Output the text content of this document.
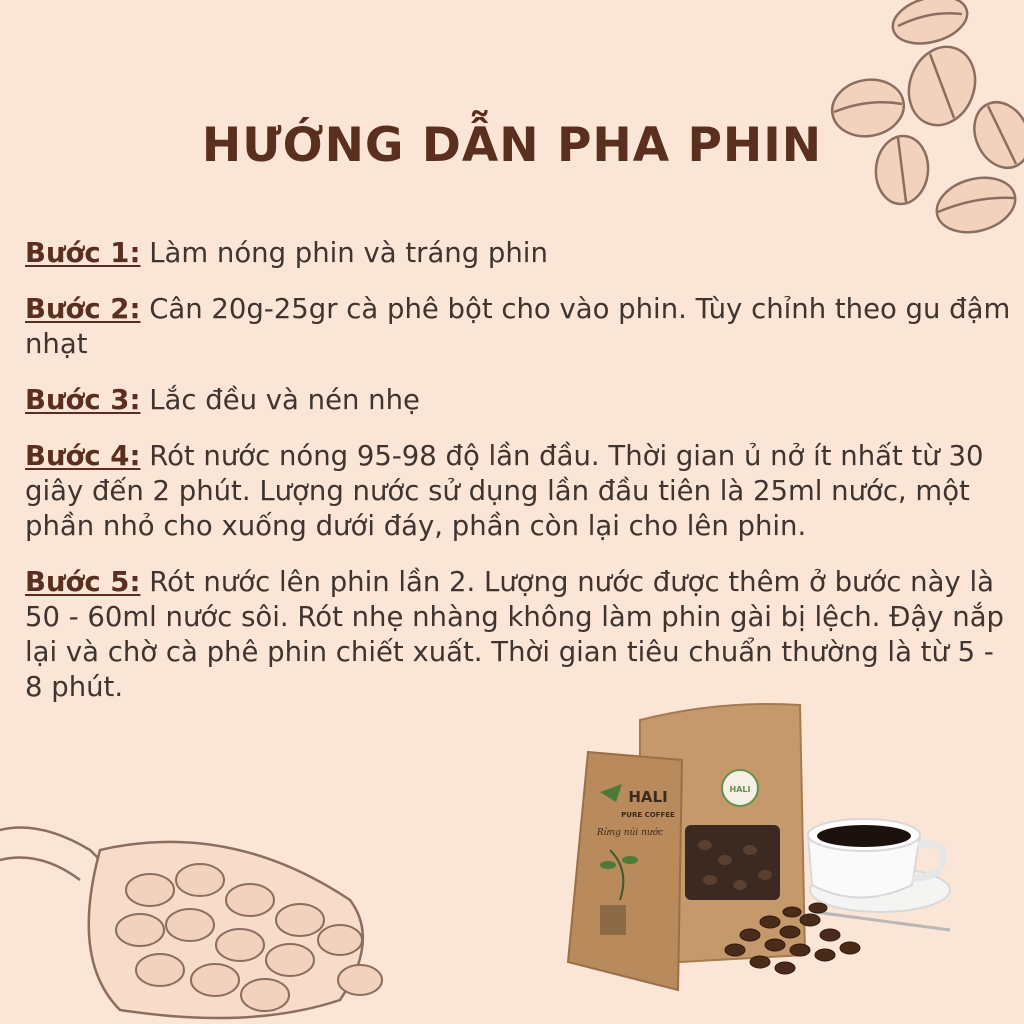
HƯỚNG DẪN PHA PHIN

Bước 1: Làm nóng phin và tráng phin

Bước 2: Cân 20g-25gr cà phê bột cho vào phin. Tùy chỉnh theo gu đậm nhạt

Bước 3: Lắc đều và nén nhẹ

Bước 4: Rót nước nóng 95-98 độ lần đầu. Thời gian ủ nở ít nhất từ 30 giây đến 2 phút. Lượng nước sử dụng lần đầu tiên là 25ml nước, một phần nhỏ cho xuống dưới đáy, phần còn lại cho lên phin.

Bước 5: Rót nước lên phin lần 2. Lượng nước được thêm ở bước này là 50 - 60ml nước sôi. Rót nhẹ nhàng không làm phin gài bị lệch. Đậy nắp lại và chờ cà phê phin chiết xuất. Thời gian tiêu chuẩn thường là từ 5 - 8 phút.

HALI
HALI
PURE COFFEE
Rừng núi nước
